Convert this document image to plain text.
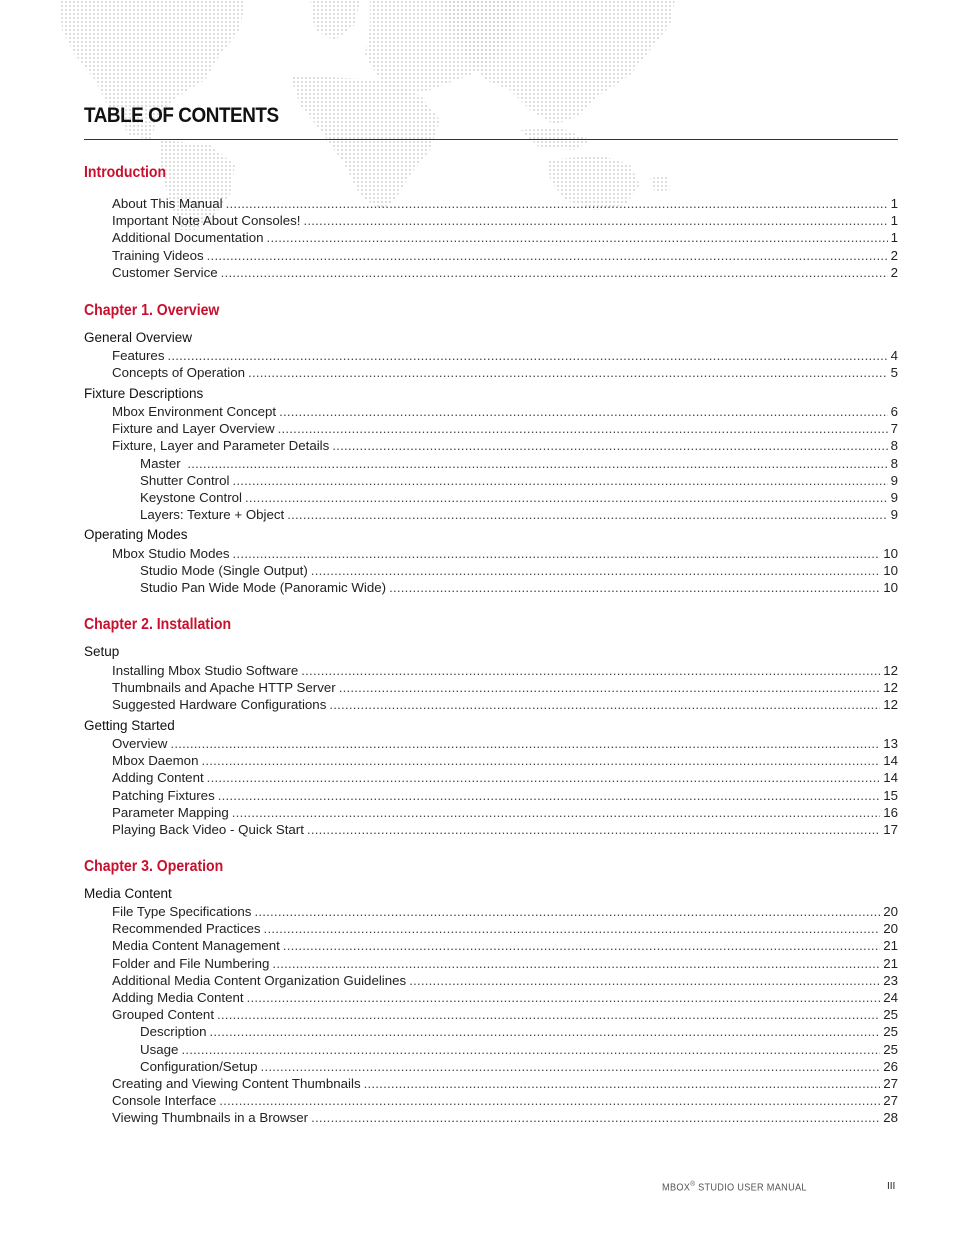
TABLE OF CONTENTS
Introduction
About This Manual .....	1
Important Note About Consoles! .....	1
Additional Documentation .....	1
Training Videos .....	2
Customer Service .....	2
Chapter 1. Overview
General Overview
Features .....	4
Concepts of Operation .....	5
Fixture Descriptions
Mbox Environment Concept .....	6
Fixture and Layer Overview .....	7
Fixture, Layer and Parameter Details .....	8
Master .....	8
Shutter Control .....	9
Keystone Control .....	9
Layers: Texture + Object .....	9
Operating Modes
Mbox Studio Modes .....	10
Studio Mode (Single Output) .....	10
Studio Pan Wide Mode (Panoramic Wide) .....	10
Chapter 2. Installation
Setup
Installing Mbox Studio Software .....	12
Thumbnails and Apache HTTP Server .....	12
Suggested Hardware Configurations .....	12
Getting Started
Overview .....	13
Mbox Daemon .....	14
Adding Content .....	14
Patching Fixtures .....	15
Parameter Mapping .....	16
Playing Back Video - Quick Start .....	17
Chapter 3. Operation
Media Content
File Type Specifications .....	20
Recommended Practices .....	20
Media Content Management .....	21
Folder and File Numbering .....	21
Additional Media Content Organization Guidelines .....	23
Adding Media Content .....	24
Grouped Content .....	25
Description .....	25
Usage .....	25
Configuration/Setup .....	26
Creating and Viewing Content Thumbnails .....	27
Console Interface .....	27
Viewing Thumbnails in a Browser .....	28
MBOX® STUDIO USER MANUAL	III
